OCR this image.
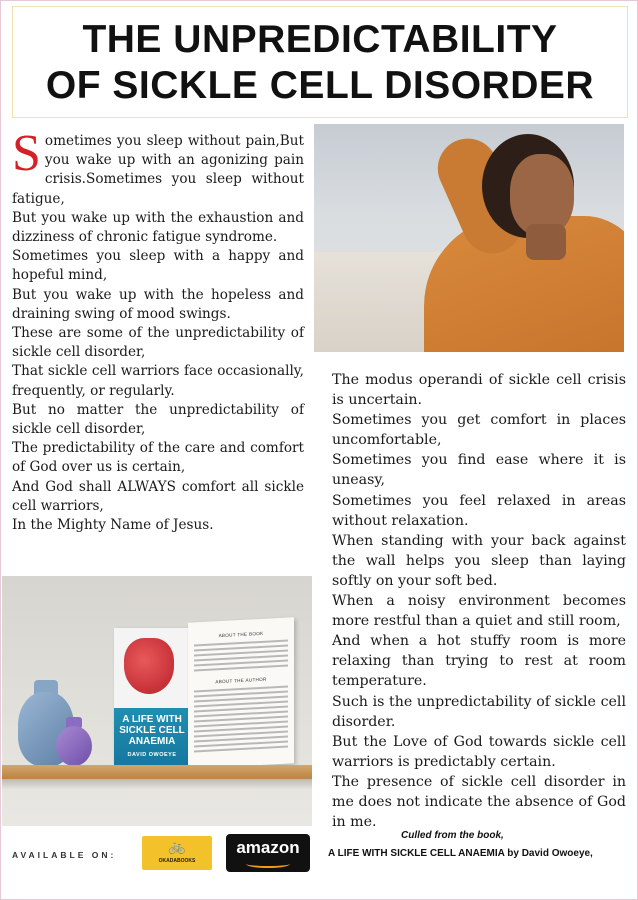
THE UNPREDICTABILITY
OF SICKLE CELL DISORDER
S ometimes you sleep without pain,But you wake up with an agonizing pain crisis.Sometimes you sleep without fatigue,

But you wake up with the exhaustion and dizziness of chronic fatigue syndrome.

Sometimes you sleep with a happy and hopeful mind,

But you wake up with the hopeless and draining swing of mood swings.

These are some of the unpredictability of sickle cell disorder,

That sickle cell warriors face occasionally, frequently, or regularly.

But no matter the unpredictability of sickle cell disorder,

The predictability of the care and comfort of God over us is certain,

And God shall ALWAYS comfort all sickle cell warriors,

In the Mighty Name of Jesus.

The modus operandi of sickle cell crisis is uncertain.

Sometimes you get comfort in places uncomfortable,

Sometimes you find ease where it is uneasy,

Sometimes you feel relaxed in areas without relaxation.

When standing with your back against the wall helps you sleep than laying softly on your soft bed.

When a noisy environment becomes more restful than a quiet and still room,

And when a hot stuffy room is more relaxing than trying to rest at room temperature.

Such is the unpredictability of sickle cell disorder.

But the Love of God towards sickle cell warriors is predictably certain.

The presence of sickle cell disorder in me does not indicate the absence of God in me.

A LIFE WITH SICKLE CELL ANAEMIA
DAVID OWOEYE
ABOUT THE BOOK
ABOUT THE AUTHOR
AVAILABLE ON:	🚲
OKADABOOKS
amazon
Culled from the book,
A LIFE WITH SICKLE CELL ANAEMIA by David Owoeye,
